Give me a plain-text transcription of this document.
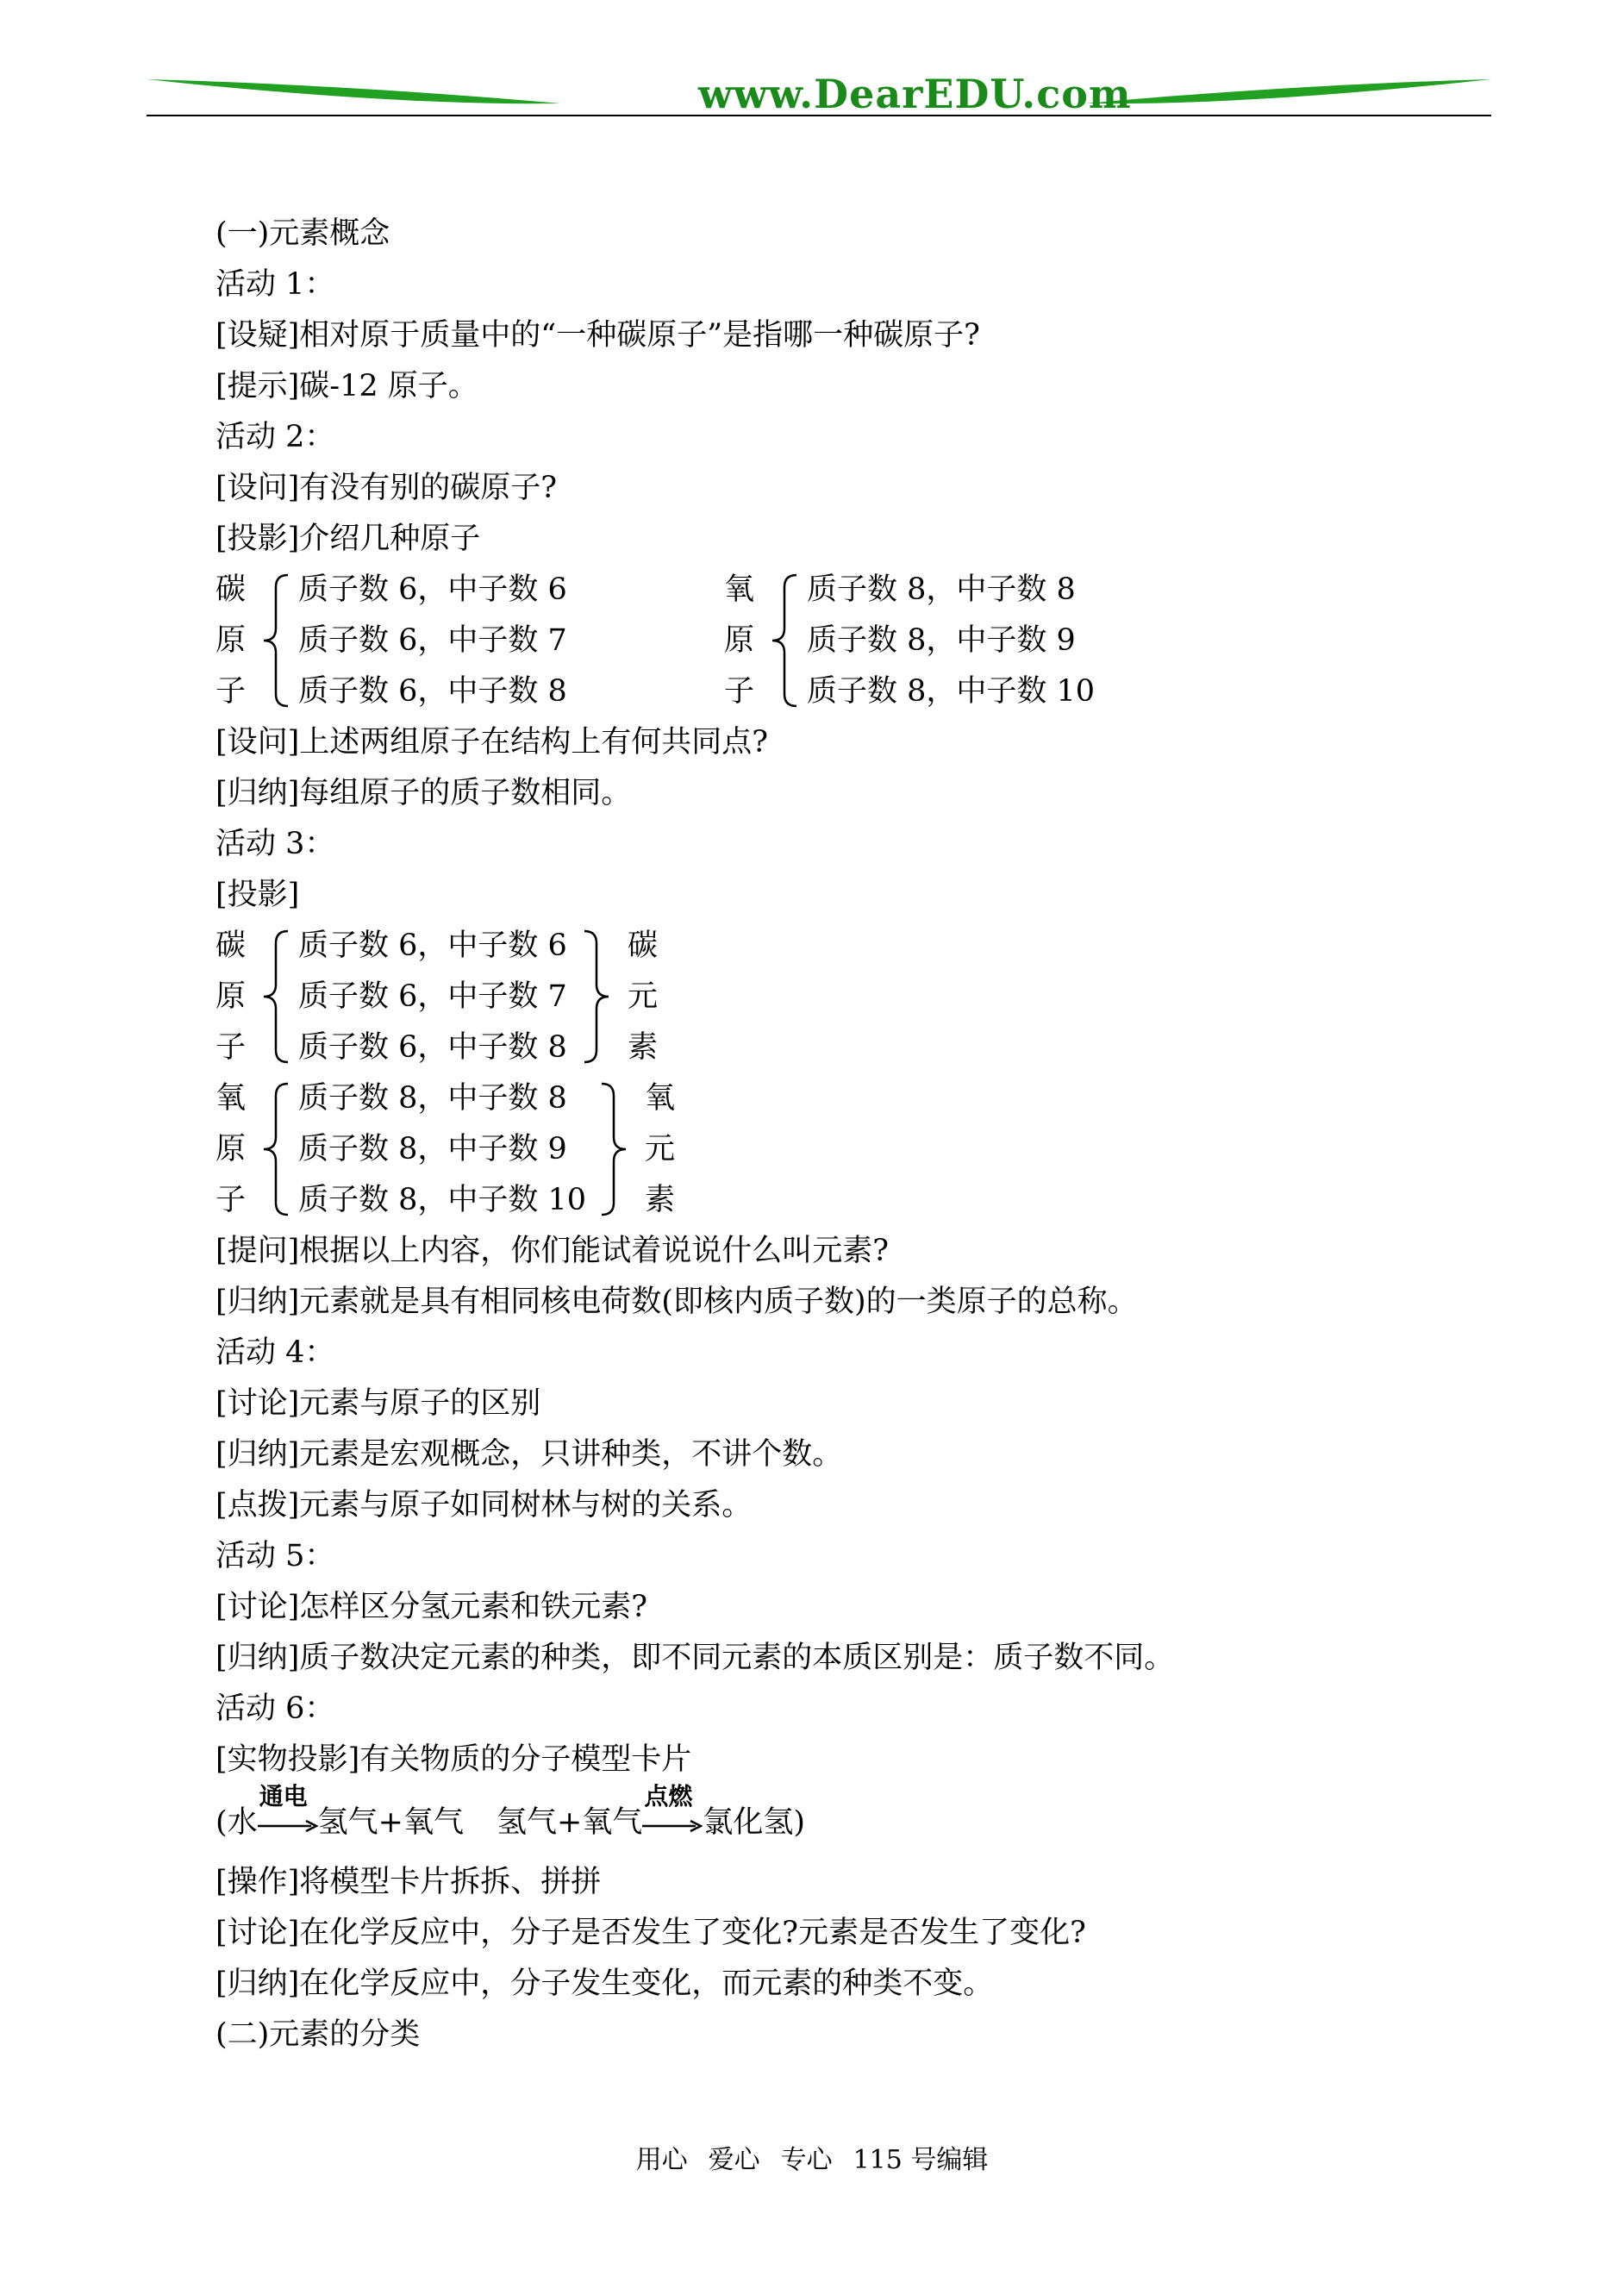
www.DearEDU.com
(一)元素概念
活动 1：
[设疑]相对原于质量中的“一种碳原子”是指哪一种碳原子?
[提示]碳-12 原子。
活动 2：
[设问]有没有别的碳原子?
[投影]介绍几种原子
碳
原
子
质子数 6，中子数 6
质子数 6，中子数 7
质子数 6，中子数 8
氧
原
子
质子数 8，中子数 8
质子数 8，中子数 9
质子数 8，中子数 10
[设问]上述两组原子在结构上有何共同点?
[归纳]每组原子的质子数相同。
活动 3：
[投影]
碳
原
子
质子数 6，中子数 6
质子数 6，中子数 7
质子数 6，中子数 8
碳
元
素
氧
原
子
质子数 8，中子数 8
质子数 8，中子数 9
质子数 8，中子数 10
氧
元
素
[提问]根据以上内容，你们能试着说说什么叫元素?
[归纳]元素就是具有相同核电荷数(即核内质子数)的一类原子的总称。
活动 4：
[讨论]元素与原子的区别
[归纳]元素是宏观概念，只讲种类，不讲个数。
[点拨]元素与原子如同树林与树的关系。
活动 5：
[讨论]怎样区分氢元素和铁元素?
[归纳]质子数决定元素的种类，即不同元素的本质区别是：质子数不同。
活动 6：
[实物投影]有关物质的分子模型卡片
(水
通电
氢气+氧气 氢气+氧气
点燃
氯化氢)
[操作]将模型卡片拆拆、拼拼
[讨论]在化学反应中，分子是否发生了变化?元素是否发生了变化?
[归纳]在化学反应中，分子发生变化，而元素的种类不变。
(二)元素的分类
用心 爱心 专心 115 号编辑
